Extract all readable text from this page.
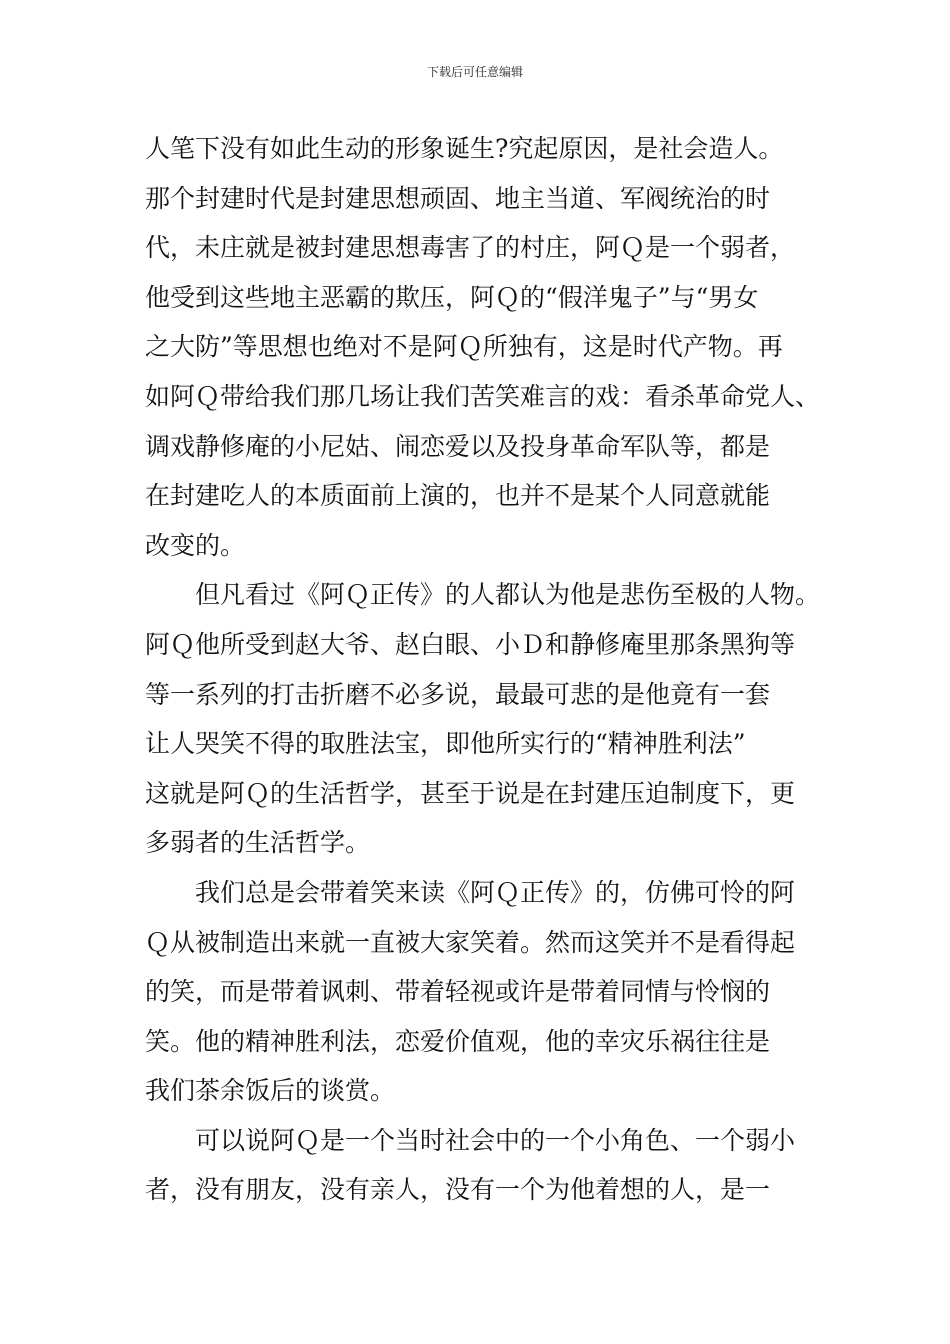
下载后可任意编辑
人笔下没有如此生动的形象诞生?究起原因，是社会造人。
那个封建时代是封建思想顽固、地主当道、军阀统治的时
代，未庄就是被封建思想毒害了的村庄，阿Ｑ是一个弱者，
他受到这些地主恶霸的欺压，阿Ｑ的“假洋鬼子”与“男女
之大防”等思想也绝对不是阿Ｑ所独有，这是时代产物。再
如阿Ｑ带给我们那几场让我们苦笑难言的戏：看杀革命党人、
调戏静修庵的小尼姑、闹恋爱以及投身革命军队等，都是
在封建吃人的本质面前上演的，也并不是某个人同意就能
改变的。
　　但凡看过《阿Ｑ正传》的人都认为他是悲伤至极的人物。
阿Ｑ他所受到赵大爷、赵白眼、小Ｄ和静修庵里那条黑狗等
等一系列的打击折磨不必多说，最最可悲的是他竟有一套
让人哭笑不得的取胜法宝，即他所实行的“精神胜利法”
这就是阿Ｑ的生活哲学，甚至于说是在封建压迫制度下，更
多弱者的生活哲学。
　　我们总是会带着笑来读《阿Ｑ正传》的，仿佛可怜的阿
Ｑ从被制造出来就一直被大家笑着。然而这笑并不是看得起
的笑，而是带着讽刺、带着轻视或许是带着同情与怜悯的
笑。他的精神胜利法，恋爱价值观，他的幸灾乐祸往往是
我们茶余饭后的谈赏。
　　可以说阿Ｑ是一个当时社会中的一个小角色、一个弱小
者，没有朋友，没有亲人，没有一个为他着想的人，是一
